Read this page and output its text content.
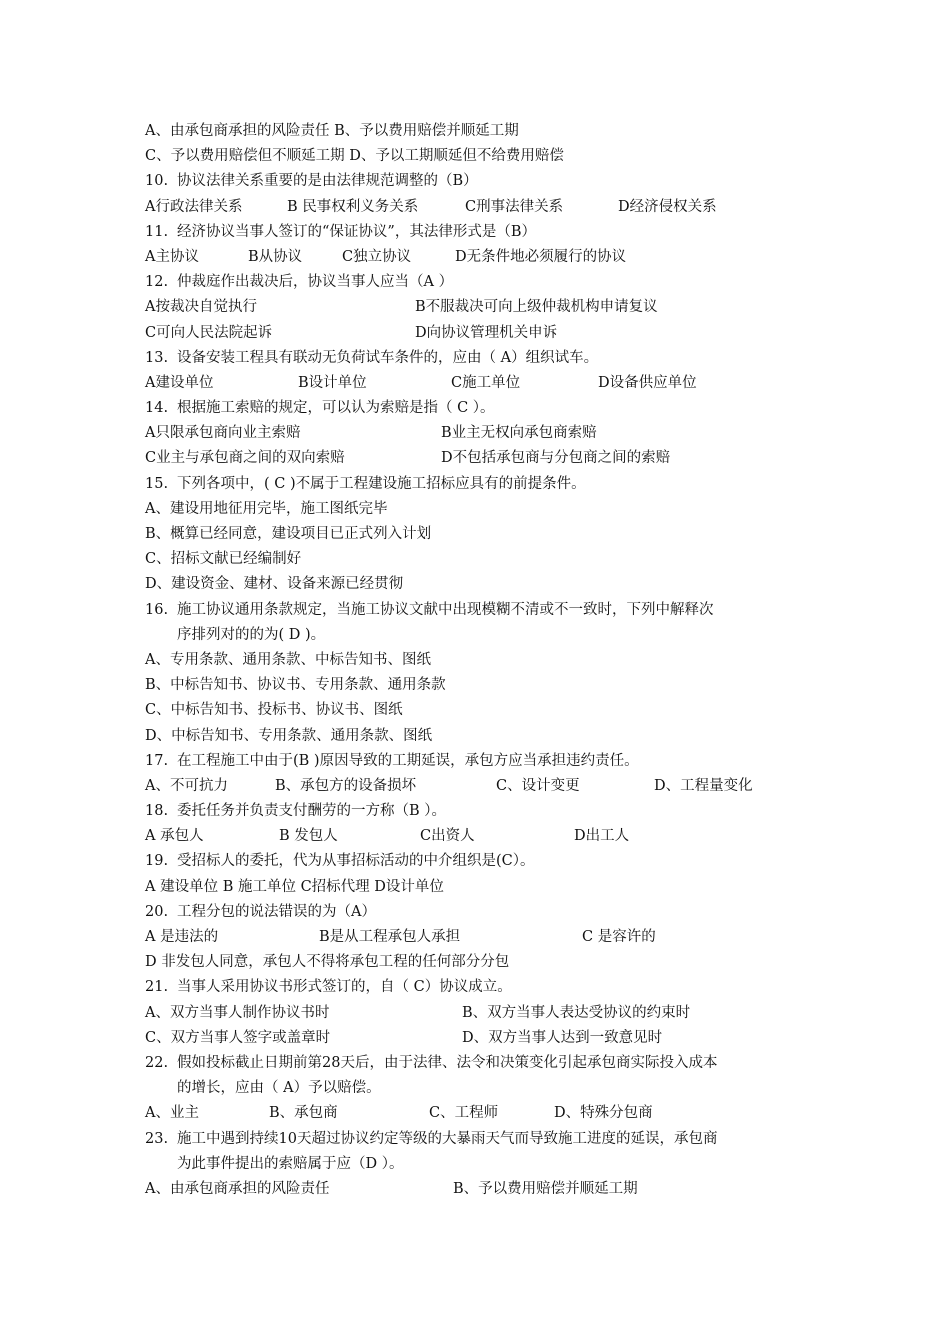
A、由承包商承担的风险责任 B、予以费用赔偿并顺延工期
C、予以费用赔偿但不顺延工期 D、予以工期顺延但不给费用赔偿
10. 协议法律关系重要的是由法律规范调整的（B）
A行政法律关系	B 民事权利义务关系	C刑事法律关系	D经济侵权关系
11. 经济协议当事人签订的“保证协议”，其法律形式是（B）
A主协议	B从协议	C独立协议	D无条件地必须履行的协议
12. 仲裁庭作出裁决后，协议当事人应当（A ）
A按裁决自觉执行	B不服裁决可向上级仲裁机构申请复议
C可向人民法院起诉	D向协议管理机关申诉
13. 设备安装工程具有联动无负荷试车条件的，应由（ A）组织试车。
A建设单位	B设计单位	C施工单位	D设备供应单位
14. 根据施工索赔的规定，可以认为索赔是指（ C ）。
A只限承包商向业主索赔	B业主无权向承包商索赔
C业主与承包商之间的双向索赔	D不包括承包商与分包商之间的索赔
15. 下列各项中，( C )不属于工程建设施工招标应具有的前提条件。
A、建设用地征用完毕，施工图纸完毕
B、概算已经同意，建设项目已正式列入计划
C、招标文献已经编制好
D、建设资金、建材、设备来源已经贯彻
16. 施工协议通用条款规定，当施工协议文献中出现模糊不清或不一致时，下列中解释次
序排列对的的为( D )。
A、专用条款、通用条款、中标告知书、图纸
B、中标告知书、协议书、专用条款、通用条款
C、中标告知书、投标书、协议书、图纸
D、中标告知书、专用条款、通用条款、图纸
17. 在工程施工中由于(B )原因导致的工期延误，承包方应当承担违约责任。
A、不可抗力	B、承包方的设备损坏	C、设计变更	D、工程量变化
18. 委托任务并负责支付酬劳的一方称（B ）。
A 承包人	B 发包人	C出资人	D出工人
19. 受招标人的委托，代为从事招标活动的中介组织是(C）。
A 建设单位 B 施工单位 C招标代理 D设计单位
20. 工程分包的说法错误的为（A）
A 是违法的	B是从工程承包人承担	C 是容许的
D 非发包人同意，承包人不得将承包工程的任何部分分包
21. 当事人采用协议书形式签订的，自（ C）协议成立。
A、双方当事人制作协议书时	B、双方当事人表达受协议的约束时
C、双方当事人签字或盖章时	D、双方当事人达到一致意见时
22. 假如投标截止日期前第28天后，由于法律、法令和决策变化引起承包商实际投入成本
的增长，应由（ A）予以赔偿。
A、业主	B、承包商	C、工程师	D、特殊分包商
23. 施工中遇到持续10天超过协议约定等级的大暴雨天气而导致施工进度的延误，承包商
为此事件提出的索赔属于应（D ）。
A、由承包商承担的风险责任	B、予以费用赔偿并顺延工期
